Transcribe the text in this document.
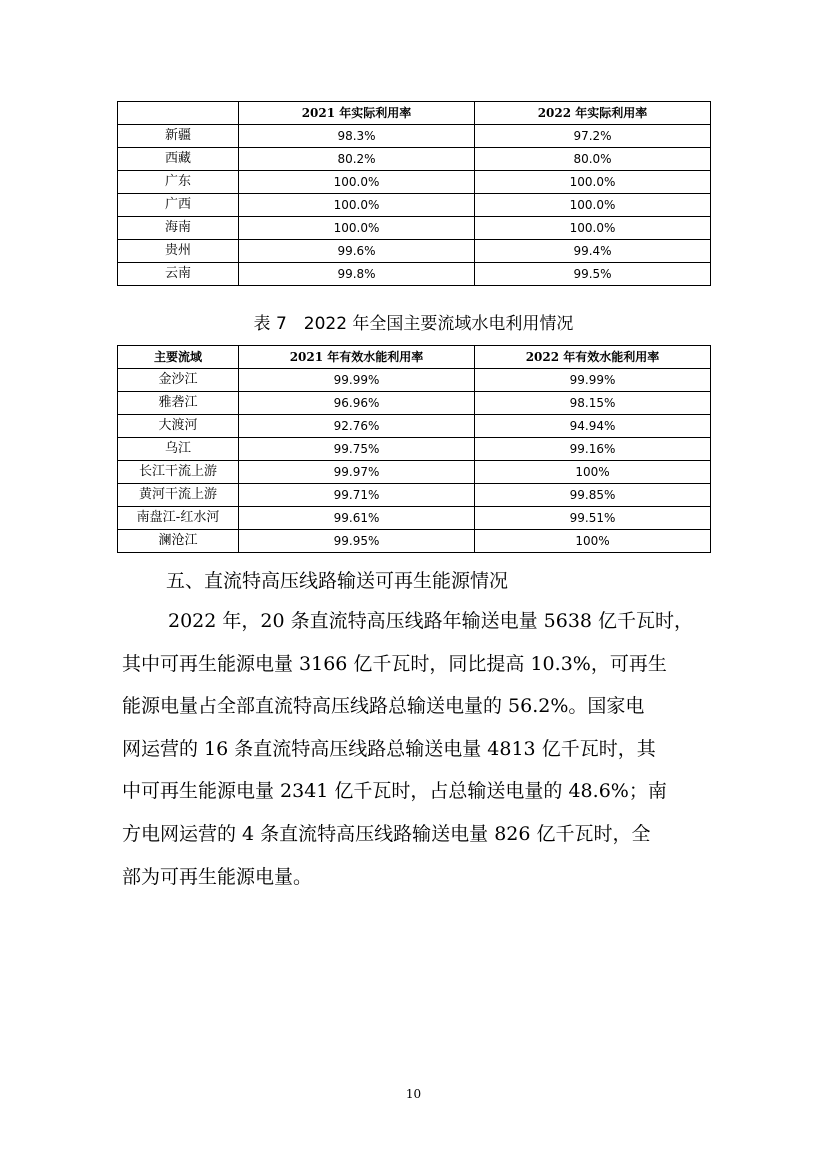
	2021 年实际利用率	2022 年实际利用率
新疆	98.3%	97.2%
西藏	80.2%	80.0%
广东	100.0%	100.0%
广西	100.0%	100.0%
海南	100.0%	100.0%
贵州	99.6%	99.4%
云南	99.8%	99.5%
表 7　2022 年全国主要流域水电利用情况
主要流域	2021 年有效水能利用率	2022 年有效水能利用率
金沙江	99.99%	99.99%
雅砻江	96.96%	98.15%
大渡河	92.76%	94.94%
乌江	99.75%	99.16%
长江干流上游	99.97%	100%
黄河干流上游	99.71%	99.85%
南盘江-红水河	99.61%	99.51%
澜沧江	99.95%	100%
五、直流特高压线路输送可再生能源情况

2022 年，20 条直流特高压线路年输送电量 5638 亿千瓦时，
其中可再生能源电量 3166 亿千瓦时，同比提高 10.3%，可再生
能源电量占全部直流特高压线路总输送电量的 56.2%。国家电
网运营的 16 条直流特高压线路总输送电量 4813 亿千瓦时，其
中可再生能源电量 2341 亿千瓦时，占总输送电量的 48.6%；南
方电网运营的 4 条直流特高压线路输送电量 826 亿千瓦时，全
部为可再生能源电量。

10
